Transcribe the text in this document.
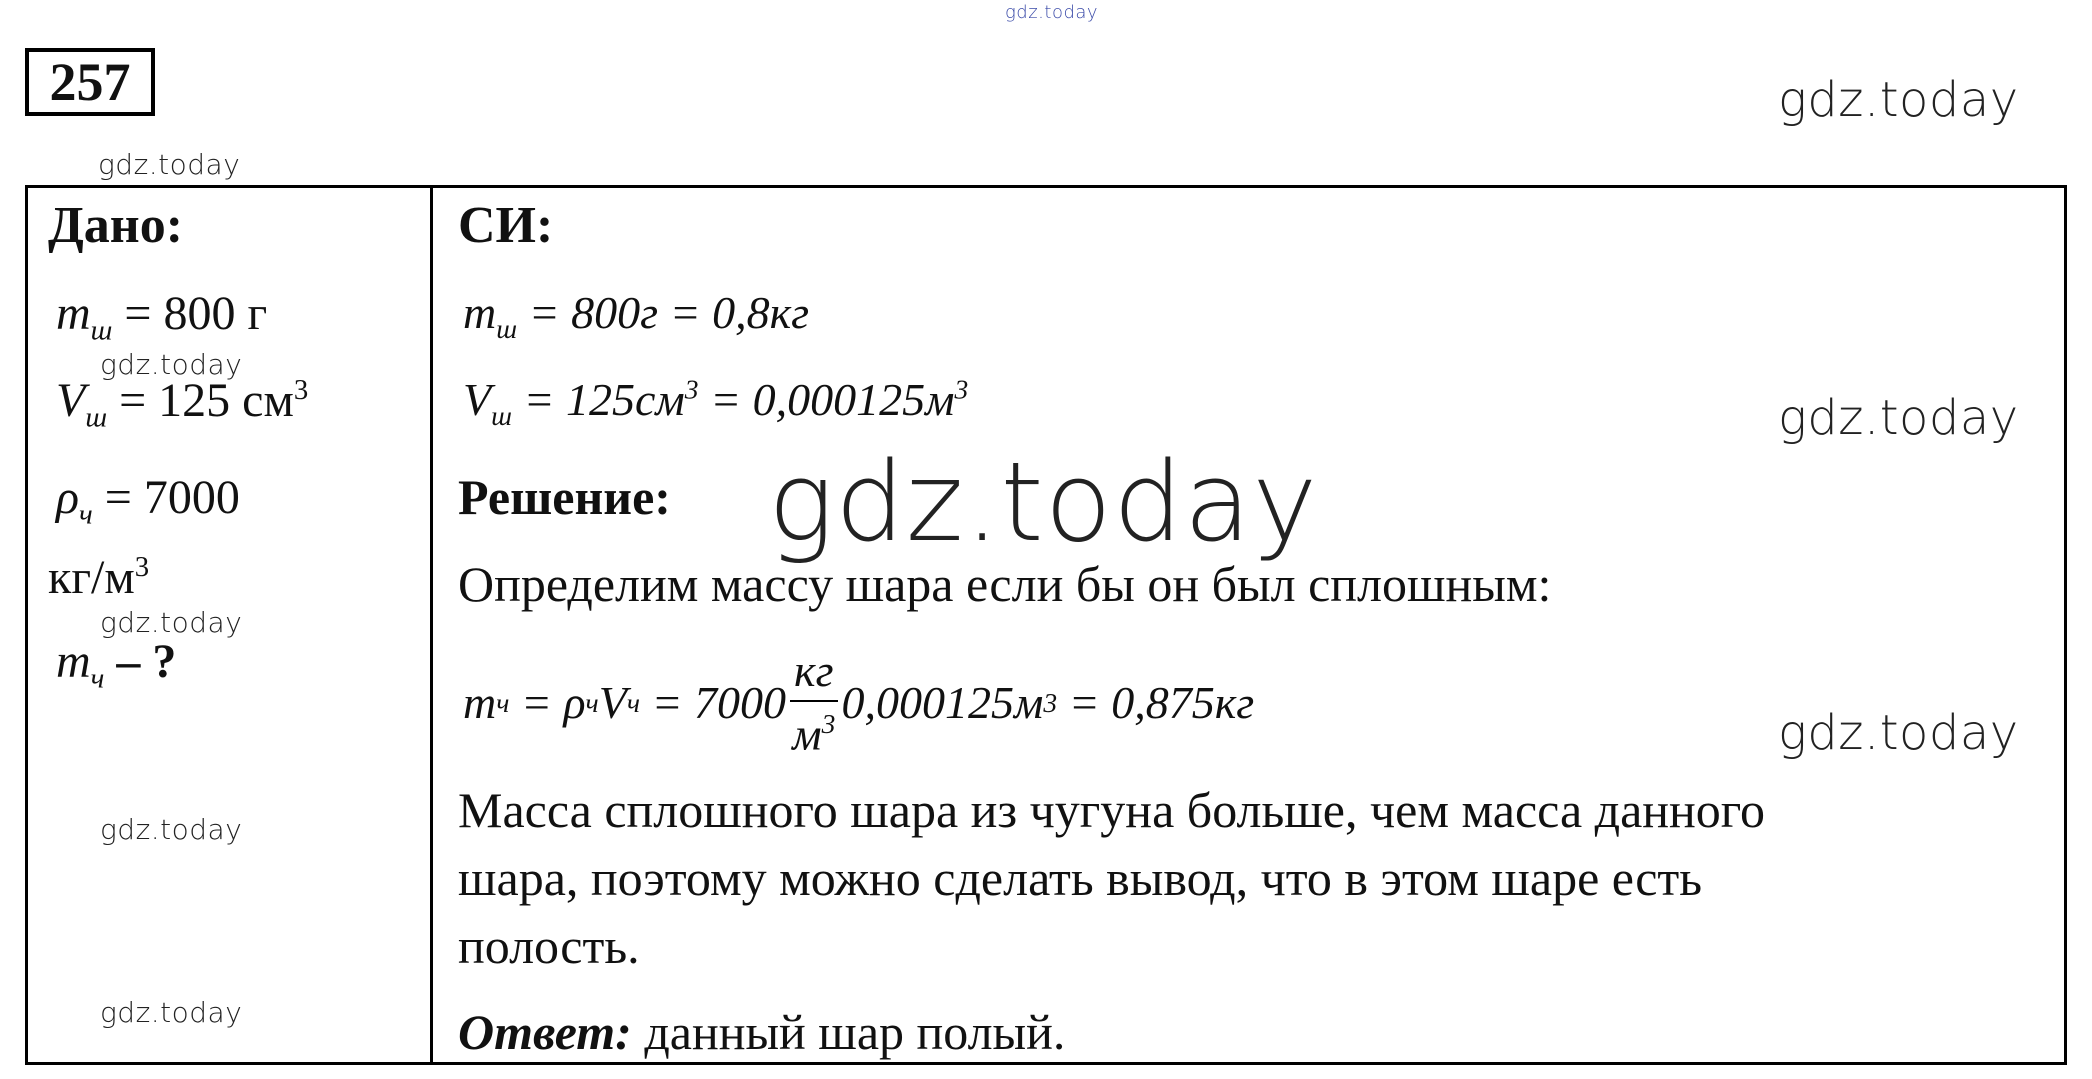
gdz.today
gdz.today
gdz.today
gdz.today
gdz.today
gdz.today
257
Дано:
$m_ш = 800$ г
gdz.today
$V_ш = 125$ $см^3$
$\rho_ч = 7000$
$кг/м^3$
gdz.today
$m_ч$ – ?
gdz.today
gdz.today
СИ:
$m_ш = 800г = 0,8кг$
$V_ш = 125см^3 = 0,000125м^3$
Решение:
Определим массу шара если бы он был сплошным:
m ч = ρ ч V $ч = 7000 \frac{кг}{м^3} 0,000125м$ 3 = 0,875кг
Масса сплошного шара из чугуна больше, чем масса данного
шара, поэтому можно сделать вывод, что в этом шаре есть
полость.
Ответ: данный шар полый.
